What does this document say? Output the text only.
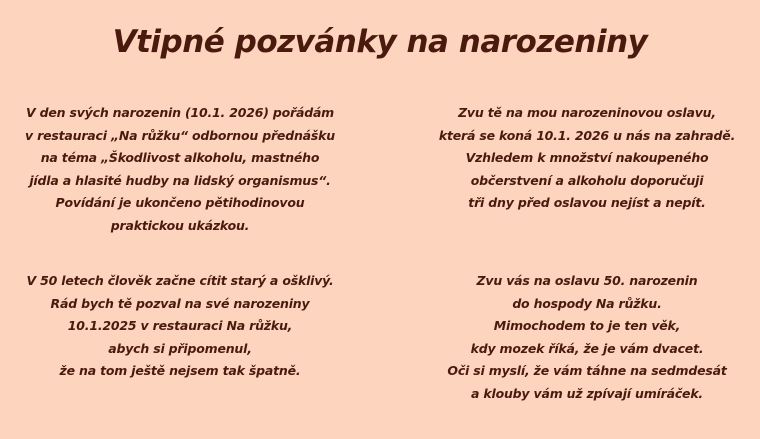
Vtipné pozvánky na narozeniny
V den svých narozenin (10.1. 2026) pořádám
v restauraci „Na růžku“ odbornou přednášku
na téma „Škodlivost alkoholu, mastného
jídla a hlasité hudby na lidský organismus“.
Povídání je ukončeno pětihodinovou
praktickou ukázkou.
Zvu tě na mou narozeninovou oslavu,
která se koná 10.1. 2026 u nás na zahradě.
Vzhledem k množství nakoupeného
občerstvení a alkoholu doporučuji
tři dny před oslavou nejíst a nepít.
V 50 letech člověk začne cítit starý a ošklivý.
Rád bych tě pozval na své narozeniny
10.1.2025 v restauraci Na růžku,
abych si připomenul,
že na tom ještě nejsem tak špatně.
Zvu vás na oslavu 50. narozenin
do hospody Na růžku.
Mimochodem to je ten věk,
kdy mozek říká, že je vám dvacet.
Oči si myslí, že vám táhne na sedmdesát
a klouby vám už zpívají umíráček.
